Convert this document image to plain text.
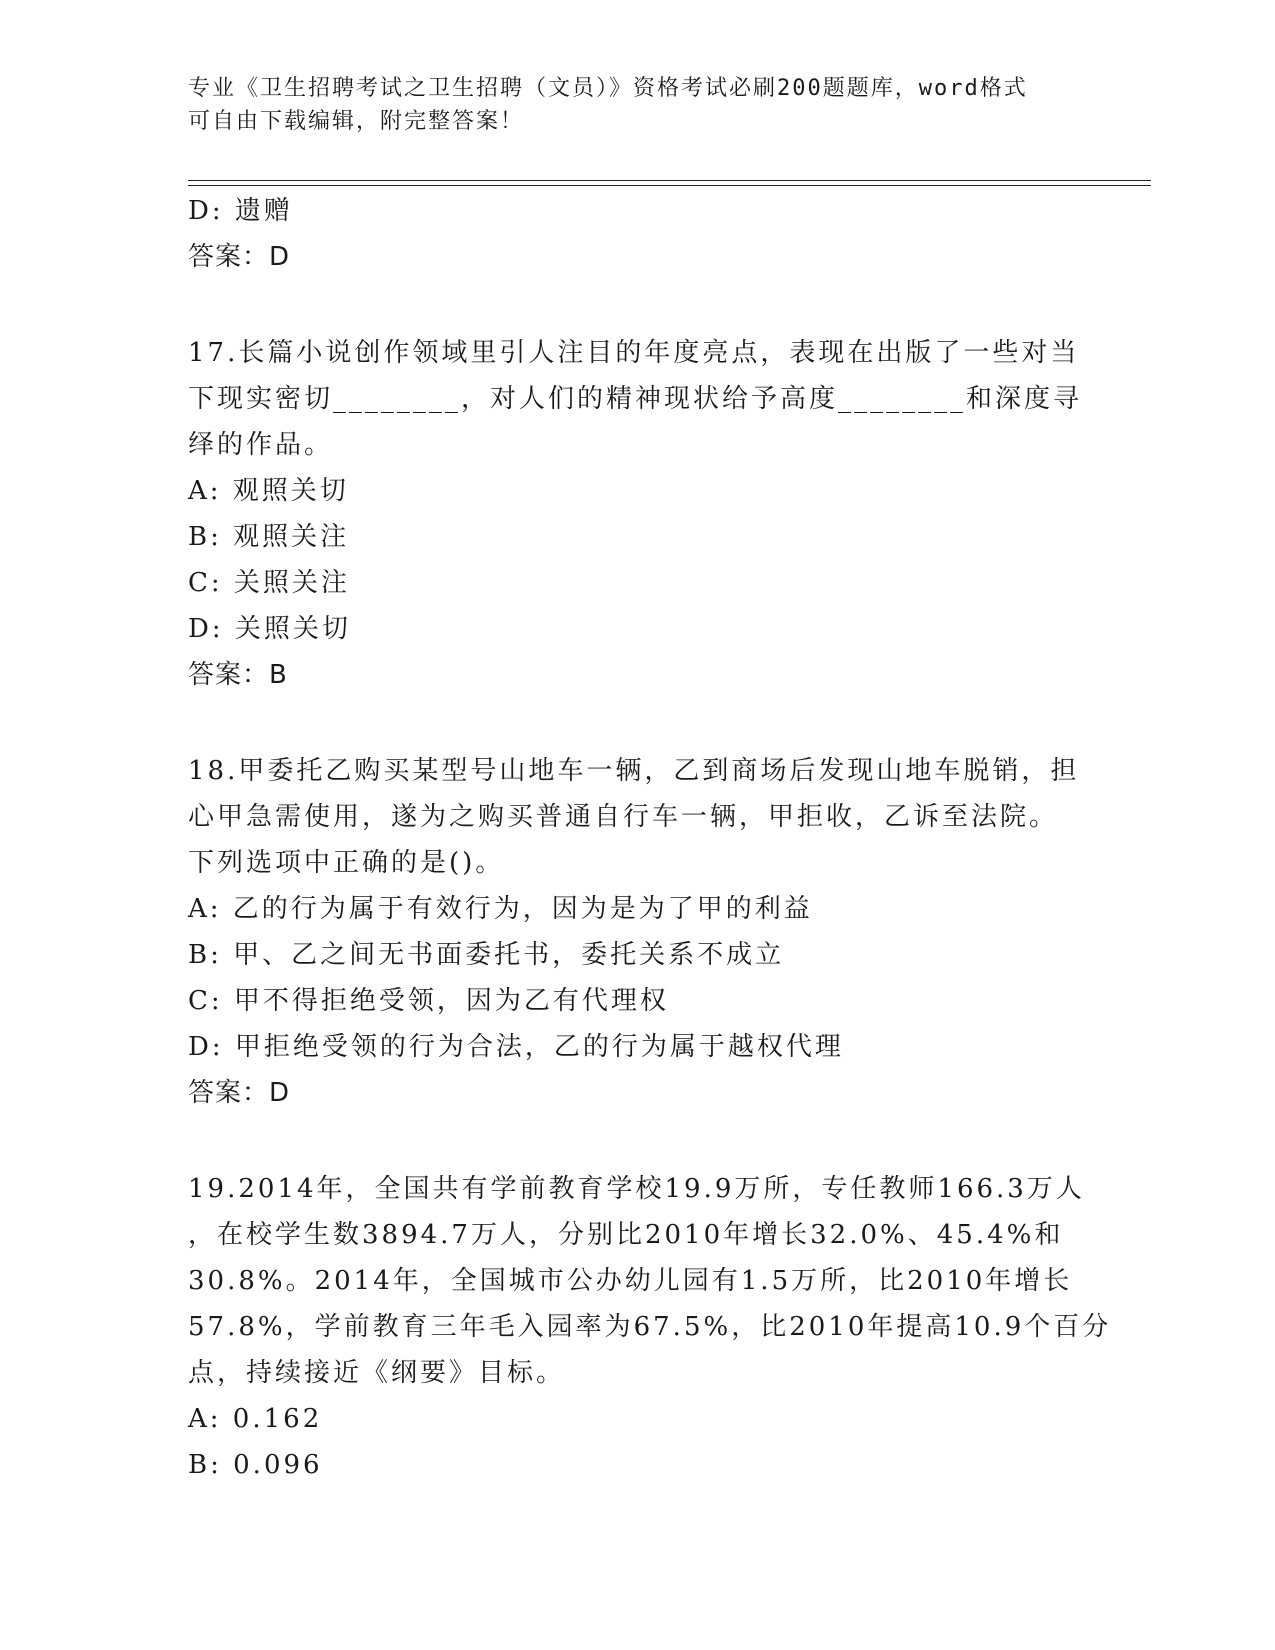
专业《卫生招聘考试之卫生招聘（文员）》资格考试必刷200题题库，word格式
可自由下载编辑，附完整答案！
D: 遗赠
答案：D
17.长篇小说创作领域里引人注目的年度亮点，表现在出版了一些对当
下现实密切________，对人们的精神现状给予高度________和深度寻
绎的作品。
A: 观照关切
B: 观照关注
C: 关照关注
D: 关照关切
答案：B
18.甲委托乙购买某型号山地车一辆，乙到商场后发现山地车脱销，担
心甲急需使用，遂为之购买普通自行车一辆，甲拒收，乙诉至法院。
下列选项中正确的是()。
A: 乙的行为属于有效行为，因为是为了甲的利益
B: 甲、乙之间无书面委托书，委托关系不成立
C: 甲不得拒绝受领，因为乙有代理权
D: 甲拒绝受领的行为合法，乙的行为属于越权代理
答案：D
19.2014年，全国共有学前教育学校19.9万所，专任教师166.3万人
，在校学生数3894.7万人，分别比2010年增长32.0%、45.4%和
30.8%。2014年，全国城市公办幼儿园有1.5万所，比2010年增长
57.8%，学前教育三年毛入园率为67.5%，比2010年提高10.9个百分
点，持续接近《纲要》目标。
A: 0.162
B: 0.096
